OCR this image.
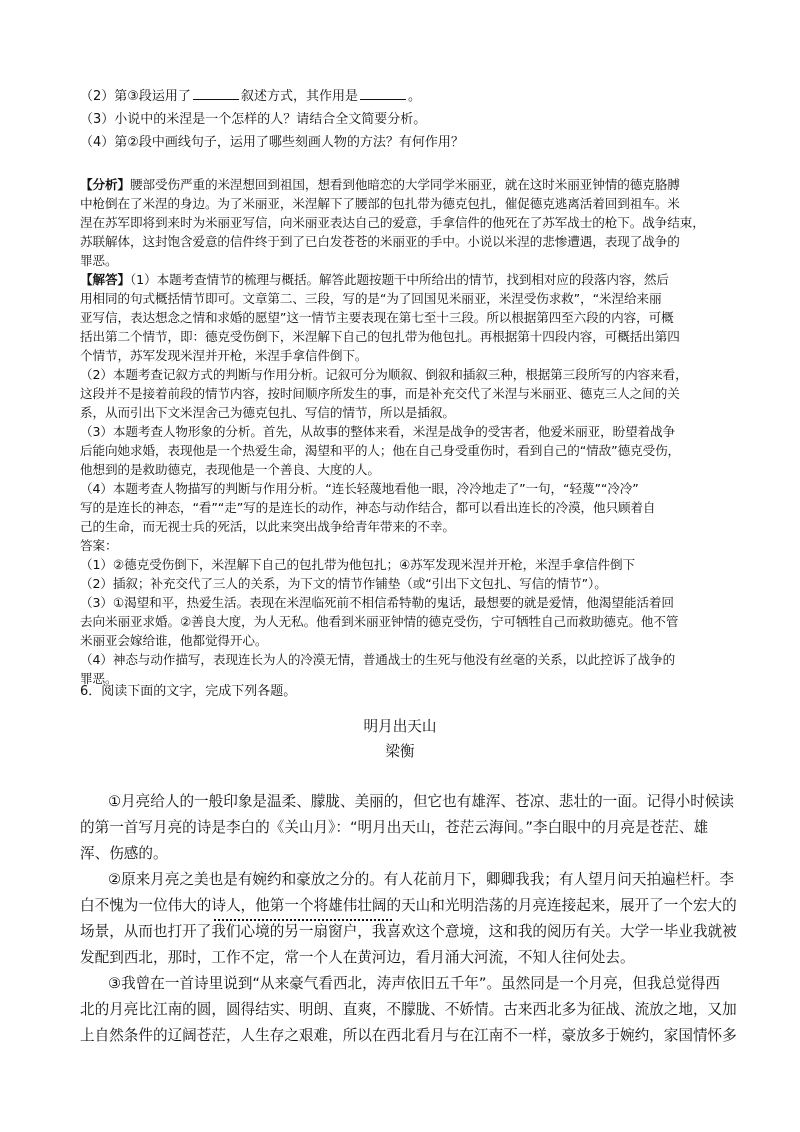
（2）第③段运用了	叙述方式，其作用是	。
（3）小说中的米涅是一个怎样的人？请结合全文简要分析。
（4）第②段中画线句子，运用了哪些刻画人物的方法？有何作用？
【分析】腰部受伤严重的米涅想回到祖国，想看到他暗恋的大学同学米丽亚，就在这时米丽亚钟情的德克胳膊
中枪倒在了米涅的身边。为了米丽亚，米涅解下了腰部的包扎带为德克包扎，催促德克逃离活着回到祖车。米
涅在苏军即将到来时为米丽亚写信，向米丽亚表达自己的爱意，手拿信件的他死在了苏军战士的枪下。战争结束，
苏联解体，这封饱含爱意的信件终于到了已白发苍苍的米丽亚的手中。小说以米涅的悲惨遭遇，表现了战争的
罪恶。
【解答】（1）本题考查情节的梳理与概括。解答此题按题干中所给出的情节，找到相对应的段落内容，然后
用相同的句式概括情节即可。文章第二、三段，写的是“为了回国见米丽亚，米涅受伤求救”，“米涅给来丽
亚写信，表达想念之情和求婚的愿望”这一情节主要表现在第七至十三段。所以根据第四至六段的内容，可概
括出第二个情节，即：德克受伤倒下，米涅解下自己的包扎带为他包扎。再根据第十四段内容，可概括出第四
个情节，苏军发现米涅并开枪，米涅手拿信件倒下。
（2）本题考查记叙方式的判断与作用分析。记叙可分为顺叙、倒叙和插叙三种，根据第三段所写的内容来看，
这段并不是接着前段的情节内容，按时间顺序所发生的事，而是补充交代了米涅与米丽亚、德克三人之间的关
系，从而引出下文米涅舍己为德克包扎、写信的情节，所以是插叙。
（3）本题考查人物形象的分析。首先，从故事的整体来看，米涅是战争的受害者，他爱米丽亚，盼望着战争
后能向她求婚，表现他是一个热爱生命，渴望和平的人；他在自己身受重伤时，看到自己的“情敌”德克受伤，
他想到的是救助德克，表现他是一个善良、大度的人。
（4）本题考查人物描写的判断与作用分析。“连长轻蔑地看他一眼，冷冷地走了”一句，“轻蔑”“冷冷”
写的是连长的神态，“看”“走”写的是连长的动作，神态与动作结合，都可以看出连长的冷漠，他只顾着自
己的生命，而无视士兵的死活，以此来突出战争给青年带来的不幸。
答案：
（1）②德克受伤倒下，米涅解下自己的包扎带为他包扎；④苏军发现米涅并开枪，米涅手拿信件倒下
（2）插叙；补充交代了三人的关系，为下文的情节作铺垫（或“引出下文包扎、写信的情节”）。
（3）①渴望和平，热爱生活。表现在米涅临死前不相信希特勒的鬼话，最想要的就是爱情，他渴望能活着回
去向米丽亚求婚。②善良大度，为人无私。他看到米丽亚钟情的德克受伤，宁可牺牲自己而救助德克。他不管
米丽亚会嫁给谁，他都觉得开心。
（4）神态与动作描写，表现连长为人的冷漠无情，普通战士的生死与他没有丝毫的关系，以此控诉了战争的
罪恶。
6．阅读下面的文字，完成下列各题。
明月出天山
梁衡
①月亮给人的一般印象是温柔、朦胧、美丽的，但它也有雄浑、苍凉、悲壮的一面。记得小时候读
的第一首写月亮的诗是李白的《关山月》：“明月出天山，苍茫云海间。”李白眼中的月亮是苍茫、雄
浑、伤感的。
②原来月亮之美也是有婉约和豪放之分的。有人花前月下，卿卿我我；有人望月问天拍遍栏杆。李
白不愧为一位伟大的诗人，他第一个将雄伟壮阔的天山和光明浩荡的月亮连接起来，展开了一个宏大的
场景，从而也打开了我们心境的另一扇窗户，我喜欢这个意境，这和我的阅历有关。大学一毕业我就被
发配到西北，那时，工作不定，常一个人在黄河边，看月涌大河流，不知人往何处去。
③我曾在一首诗里说到“从来豪气看西北，涛声依旧五千年”。虽然同是一个月亮，但我总觉得西
北的月亮比江南的圆，圆得结实、明朗、直爽，不朦胧、不娇情。古来西北多为征战、流放之地，又加
上自然条件的辽阔苍茫，人生存之艰难，所以在西北看月与在江南不一样，豪放多于婉约，家国情怀多
